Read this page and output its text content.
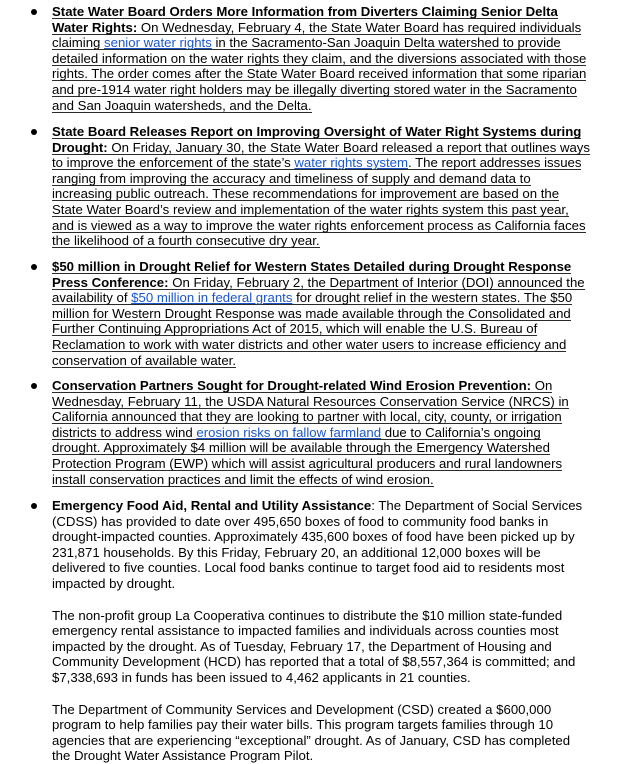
State Water Board Orders More Information from Diverters Claiming Senior Delta Water Rights: On Wednesday, February 4, the State Water Board has required individuals claiming senior water rights in the Sacramento-San Joaquin Delta watershed to provide detailed information on the water rights they claim, and the diversions associated with those rights. The order comes after the State Water Board received information that some riparian and pre-1914 water right holders may be illegally diverting stored water in the Sacramento and San Joaquin watersheds, and the Delta.

State Board Releases Report on Improving Oversight of Water Right Systems during Drought: On Friday, January 30, the State Water Board released a report that outlines ways to improve the enforcement of the state’s water rights system. The report addresses issues ranging from improving the accuracy and timeliness of supply and demand data to increasing public outreach. These recommendations for improvement are based on the State Water Board’s review and implementation of the water rights system this past year, and is viewed as a way to improve the water rights enforcement process as California faces the likelihood of a fourth consecutive dry year.

$50 million in Drought Relief for Western States Detailed during Drought Response Press Conference: On Friday, February 2, the Department of Interior (DOI) announced the availability of $50 million in federal grants for drought relief in the western states. The $50 million for Western Drought Response was made available through the Consolidated and Further Continuing Appropriations Act of 2015, which will enable the U.S. Bureau of Reclamation to work with water districts and other water users to increase efficiency and conservation of available water.

Conservation Partners Sought for Drought-related Wind Erosion Prevention: On Wednesday, February 11, the USDA Natural Resources Conservation Service (NRCS) in California announced that they are looking to partner with local, city, county, or irrigation districts to address wind erosion risks on fallow farmland due to California’s ongoing drought. Approximately $4 million will be available through the Emergency Watershed Protection Program (EWP) which will assist agricultural producers and rural landowners install conservation practices and limit the effects of wind erosion.

Emergency Food Aid, Rental and Utility Assistance: The Department of Social Services (CDSS) has provided to date over 495,650 boxes of food to community food banks in drought-impacted counties. Approximately 435,600 boxes of food have been picked up by 231,871 households. By this Friday, February 20, an additional 12,000 boxes will be delivered to five counties. Local food banks continue to target food aid to residents most impacted by drought.

The non-profit group La Cooperativa continues to distribute the $10 million state-funded emergency rental assistance to impacted families and individuals across counties most impacted by the drought. As of Tuesday, February 17, the Department of Housing and Community Development (HCD) has reported that a total of $8,557,364 is committed; and $7,338,693 in funds has been issued to 4,462 applicants in 21 counties.

The Department of Community Services and Development (CSD) created a $600,000 program to help families pay their water bills. This program targets families through 10 agencies that are experiencing “exceptional” drought. As of January, CSD has completed the Drought Water Assistance Program Pilot.
